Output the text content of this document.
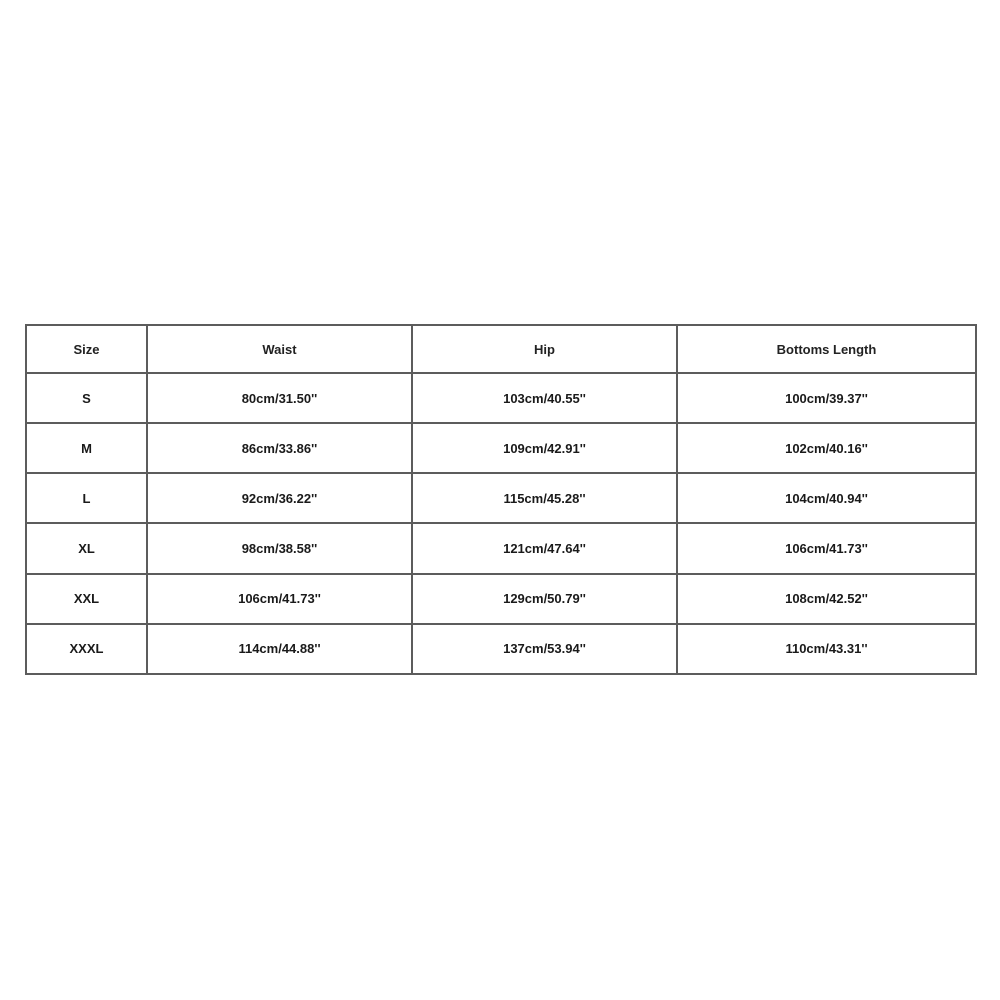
Size	Waist	Hip	Bottoms Length
S	80cm/31.50''	103cm/40.55''	100cm/39.37''
M	86cm/33.86''	109cm/42.91''	102cm/40.16''
L	92cm/36.22''	115cm/45.28''	104cm/40.94''
XL	98cm/38.58''	121cm/47.64''	106cm/41.73''
XXL	106cm/41.73''	129cm/50.79''	108cm/42.52''
XXXL	114cm/44.88''	137cm/53.94''	110cm/43.31''
